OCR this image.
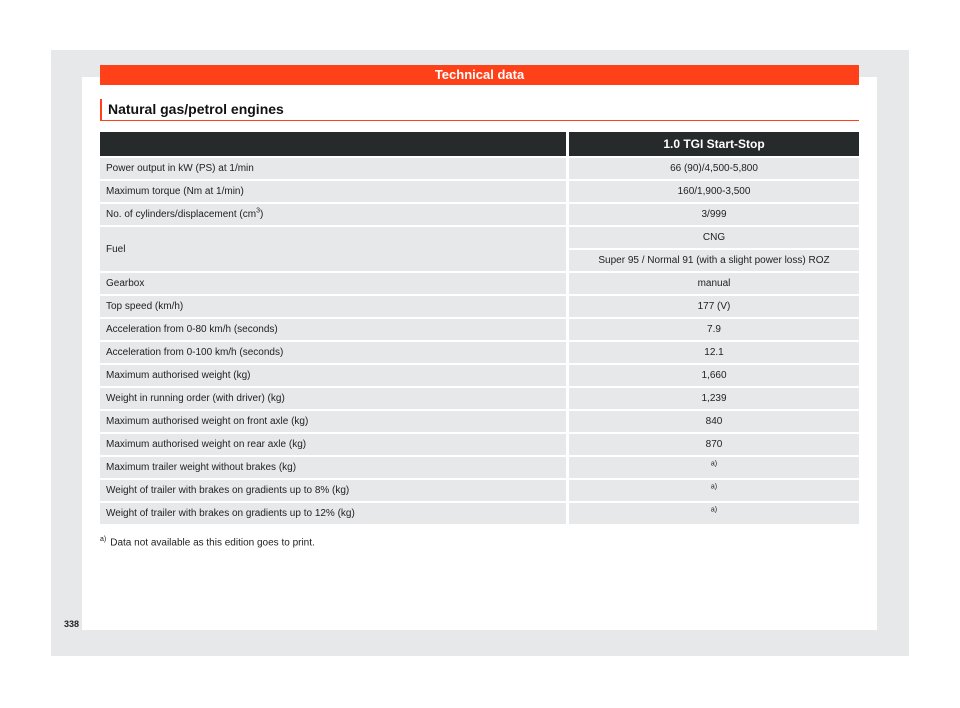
Technical data
Natural gas/petrol engines
	1.0 TGI Start-Stop
Power output in kW (PS) at 1/min	66 (90)/4,500-5,800
Maximum torque (Nm at 1/min)	160/1,900-3,500
No. of cylinders/displacement (cm$^3$)	3/999
Fuel	CNG
	Super 95 / Normal 91 (with a slight power loss) ROZ
Gearbox	manual
Top speed (km/h)	177 (V)
Acceleration from 0-80 km/h (seconds)	7.9
Acceleration from 0-100 km/h (seconds)	12.1
Maximum authorised weight (kg)	1,660
Weight in running order (with driver) (kg)	1,239
Maximum authorised weight on front axle (kg)	840
Maximum authorised weight on rear axle (kg)	870
Maximum trailer weight without brakes (kg)	$^{a)}$
Weight of trailer with brakes on gradients up to 8% (kg)	$^{a)}$
Weight of trailer with brakes on gradients up to 12% (kg)	$^{a)}$
$^{a)}$ Data not available as this edition goes to print.
338
